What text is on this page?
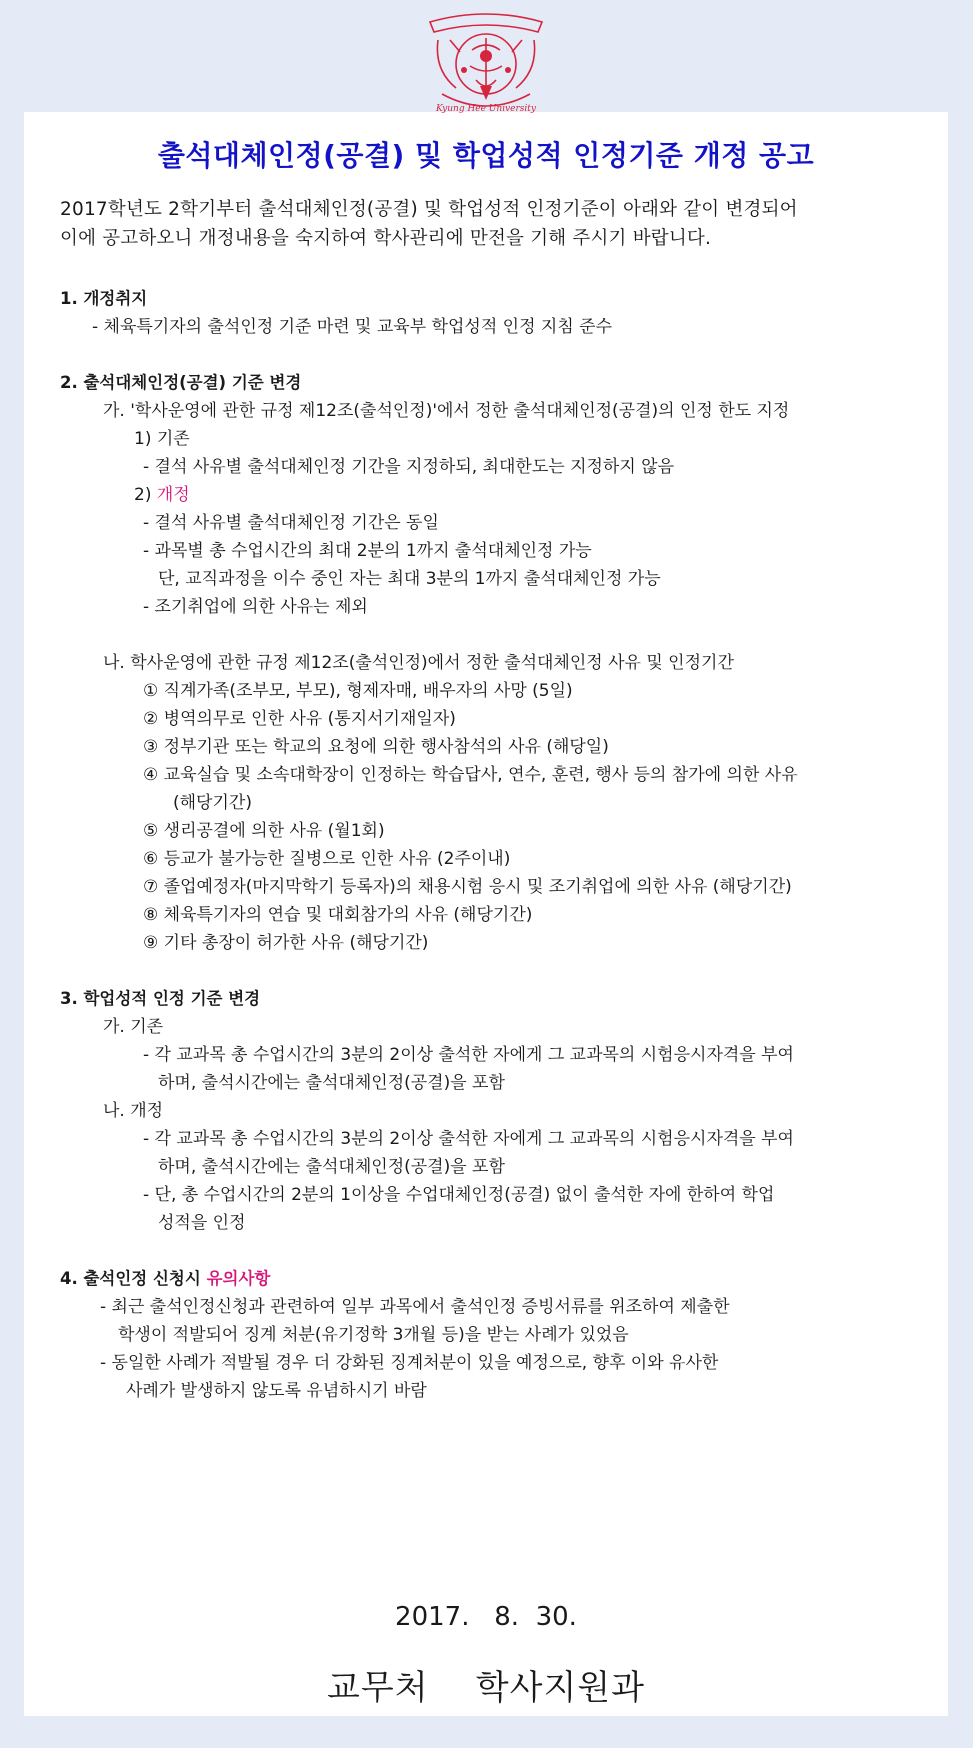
Kyung Hee University
출석대체인정(공결) 및 학업성적 인정기준 개정 공고
2017학년도 2학기부터 출석대체인정(공결) 및 학업성적 인정기준이 아래와 같이 변경되어
이에 공고하오니 개정내용을 숙지하여 학사관리에 만전을 기해 주시기 바랍니다.
1. 개정취지
- 체육특기자의 출석인정 기준 마련 및 교육부 학업성적 인정 지침 준수
2. 출석대체인정(공결) 기준 변경
가. '학사운영에 관한 규정 제12조(출석인정)'에서 정한 출석대체인정(공결)의 인정 한도 지정
1) 기존
- 결석 사유별 출석대체인정 기간을 지정하되, 최대한도는 지정하지 않음
2) 개정
- 결석 사유별 출석대체인정 기간은 동일
- 과목별 총 수업시간의 최대 2분의 1까지 출석대체인정 가능
단, 교직과정을 이수 중인 자는 최대 3분의 1까지 출석대체인정 가능
- 조기취업에 의한 사유는 제외
나. 학사운영에 관한 규정 제12조(출석인정)에서 정한 출석대체인정 사유 및 인정기간
① 직계가족(조부모, 부모), 형제자매, 배우자의 사망 (5일)
② 병역의무로 인한 사유 (통지서기재일자)
③ 정부기관 또는 학교의 요청에 의한 행사참석의 사유 (해당일)
④ 교육실습 및 소속대학장이 인정하는 학습답사, 연수, 훈련, 행사 등의 참가에 의한 사유
(해당기간)
⑤ 생리공결에 의한 사유 (월1회)
⑥ 등교가 불가능한 질병으로 인한 사유 (2주이내)
⑦ 졸업예정자(마지막학기 등록자)의 채용시험 응시 및 조기취업에 의한 사유 (해당기간)
⑧ 체육특기자의 연습 및 대회참가의 사유 (해당기간)
⑨ 기타 총장이 허가한 사유 (해당기간)
3. 학업성적 인정 기준 변경
가. 기존
- 각 교과목 총 수업시간의 3분의 2이상 출석한 자에게 그 교과목의 시험응시자격을 부여
하며, 출석시간에는 출석대체인정(공결)을 포함
나. 개정
- 각 교과목 총 수업시간의 3분의 2이상 출석한 자에게 그 교과목의 시험응시자격을 부여
하며, 출석시간에는 출석대체인정(공결)을 포함
- 단, 총 수업시간의 2분의 1이상을 수업대체인정(공결) 없이 출석한 자에 한하여 학업
성적을 인정
4. 출석인정 신청시 유의사항
- 최근 출석인정신청과 관련하여 일부 과목에서 출석인정 증빙서류를 위조하여 제출한
학생이 적발되어 징계 처분(유기정학 3개월 등)을 받는 사례가 있었음
- 동일한 사례가 적발될 경우 더 강화된 징계처분이 있을 예정으로, 향후 이와 유사한
사례가 발생하지 않도록 유념하시기 바람
2017.   8.  30.
교무처    학사지원과
